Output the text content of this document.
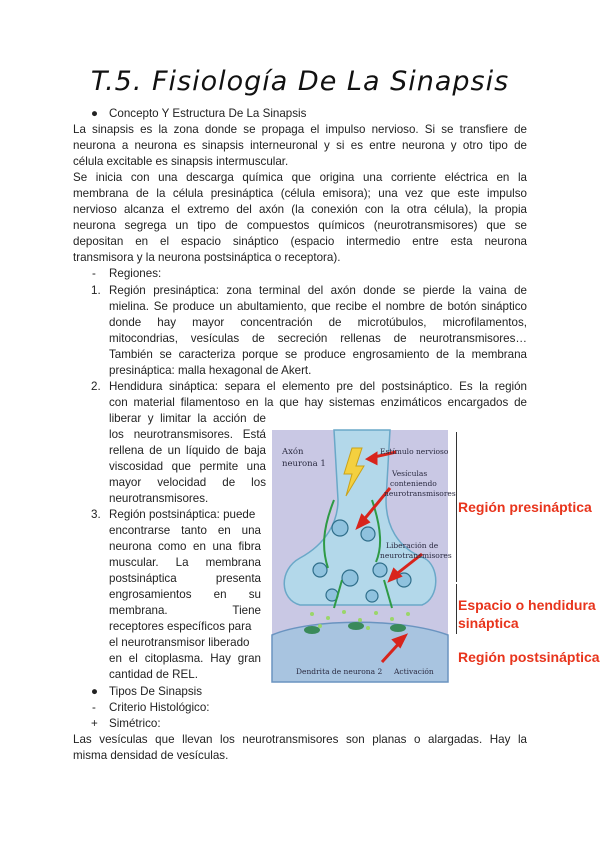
T.5. Fisiología De La Sinapsis
● Concepto Y Estructura De La Sinapsis

La sinapsis es la zona donde se propaga el impulso nervioso. Si se transfiere de

neurona a neurona es sinapsis interneuronal y si es entre neurona y otro tipo de

célula excitable es sinapsis intermuscular.

Se inicia con una descarga química que origina una corriente eléctrica en la

membrana de la célula presináptica (célula emisora); una vez que este impulso

nervioso alcanza el extremo del axón (la conexión con la otra célula), la propia

neurona segrega un tipo de compuestos químicos (neurotransmisores) que se

depositan en el espacio sináptico (espacio intermedio entre esta neurona

transmisora y la neurona postsináptica o receptora).

- Regiones:

1. Región presináptica: zona terminal del axón donde se pierde la vaina de

mielina. Se produce un abultamiento, que recibe el nombre de botón sináptico

donde hay mayor concentración de microtúbulos, microfilamentos,

mitocondrias, vesículas de secreción rellenas de neurotransmisores…

También se caracteriza porque se produce engrosamiento de la membrana

presináptica: malla hexagonal de Akert.

2. Hendidura sináptica: separa el elemento pre del postsináptico. Es la región

con material filamentoso en la que hay sistemas enzimáticos encargados de

liberar y limitar la acción de

los neurotransmisores. Está

rellena de un líquido de baja

viscosidad que permite una

mayor velocidad de los

neurotransmisores.

3. Región postsináptica: puede

encontrarse tanto en una

neurona como en una fibra

muscular. La membrana

postsináptica presenta

engrosamientos en su

membrana. Tiene

receptores específicos para

el neurotransmisor liberado

en el citoplasma. Hay gran

cantidad de REL.

● Tipos De Sinapsis

- Criterio Histológico:

+ Simétrico:

Las vesículas que llevan los neurotransmisores son planas o alargadas. Hay la

misma densidad de vesículas.

Axón
neurona 1
Estímulo nervioso
Vesículas
conteniendo
neurotransmisores
Liberación de
neurotransmisores
Dendrita de neurona 2 Activación
Región presináptica
Espacio o hendidura
sináptica
Región postsináptica
